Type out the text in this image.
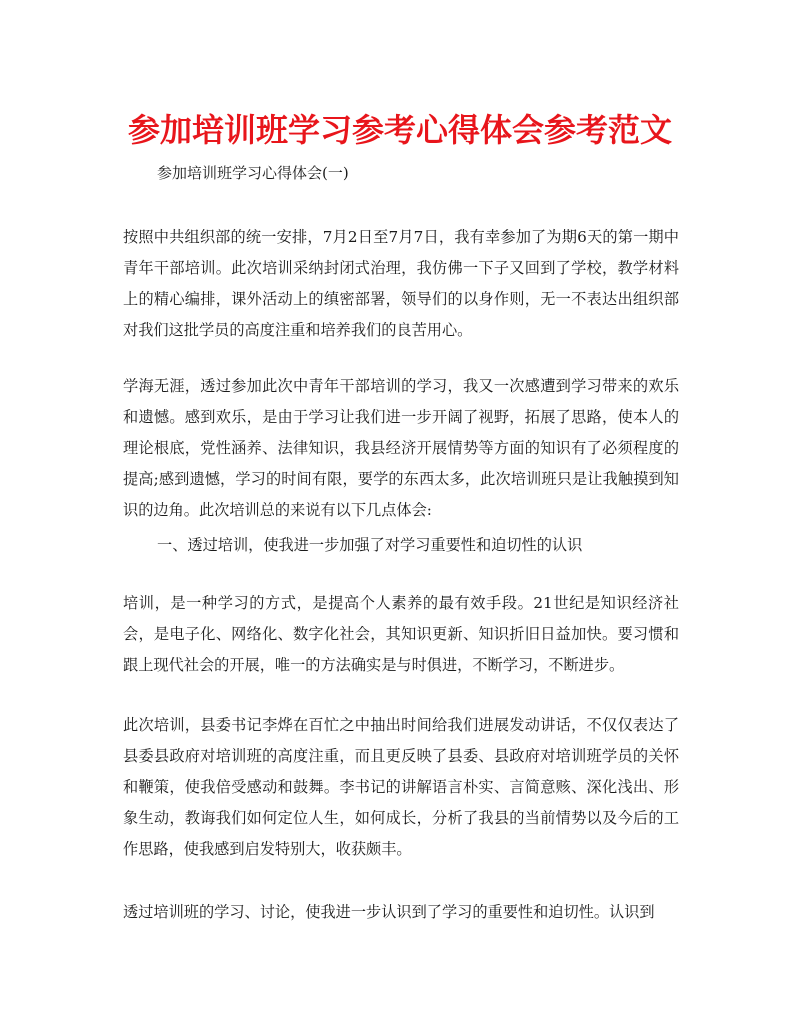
参加培训班学习参考心得体会参考范文

参加培训班学习心得体会(一)

按照中共组织部的统一安排，7月2日至7月7日，我有幸参加了为期6天的第一期中青年干部培训。此次培训采纳封闭式治理，我仿佛一下子又回到了学校，教学材料上的精心编排，课外活动上的缜密部署，领导们的以身作则，无一不表达出组织部对我们这批学员的高度注重和培养我们的良苦用心。

学海无涯，透过参加此次中青年干部培训的学习，我又一次感遭到学习带来的欢乐和遗憾。感到欢乐，是由于学习让我们进一步开阔了视野，拓展了思路，使本人的理论根底，党性涵养、法律知识，我县经济开展情势等方面的知识有了必须程度的提高;感到遗憾，学习的时间有限，要学的东西太多，此次培训班只是让我触摸到知识的边角。此次培训总的来说有以下几点体会:

一、透过培训，使我进一步加强了对学习重要性和迫切性的认识

培训，是一种学习的方式，是提高个人素养的最有效手段。21世纪是知识经济社会，是电子化、网络化、数字化社会，其知识更新、知识折旧日益加快。要习惯和跟上现代社会的开展，唯一的方法确实是与时俱进，不断学习，不断进步。

此次培训，县委书记李烨在百忙之中抽出时间给我们进展发动讲话，不仅仅表达了县委县政府对培训班的高度注重，而且更反映了县委、县政府对培训班学员的关怀和鞭策，使我倍受感动和鼓舞。李书记的讲解语言朴实、言简意赅、深化浅出、形象生动，教诲我们如何定位人生，如何成长，分析了我县的当前情势以及今后的工作思路，使我感到启发特别大，收获颇丰。

透过培训班的学习、讨论，使我进一步认识到了学习的重要性和迫切性。认识到
